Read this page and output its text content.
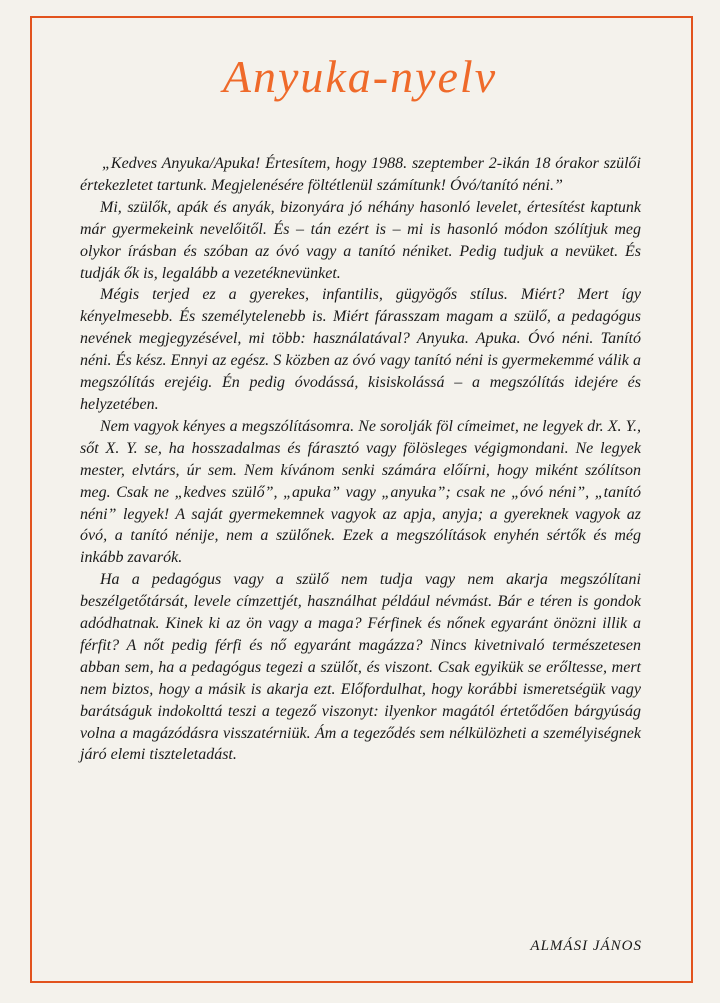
Anyuka-nyelv

„Kedves Anyuka/Apuka! Értesítem, hogy 1988. szeptember 2-ikán 18 órakor szülői értekezletet tartunk. Megjelenésére föltétlenül számítunk! Óvó/tanító néni.”

Mi, szülők, apák és anyák, bizonyára jó néhány hasonló levelet, értesítést kaptunk már gyermekeink nevelőitől. És – tán ezért is – mi is hasonló módon szólítjuk meg olykor írásban és szóban az óvó vagy a tanító néniket. Pedig tudjuk a nevüket. És tudják ők is, legalább a vezetéknevünket.

Mégis terjed ez a gyerekes, infantilis, gügyögős stílus. Miért? Mert így kényelmesebb. És személytelenebb is. Miért fárasszam magam a szülő, a pedagógus nevének megjegyzésével, mi több: használatával? Anyuka. Apuka. Óvó néni. Tanító néni. És kész. Ennyi az egész. S közben az óvó vagy tanító néni is gyermekemmé válik a megszólítás erejéig. Én pedig óvodássá, kisiskolássá – a megszólítás idejére és helyzetében.

Nem vagyok kényes a megszólításomra. Ne sorolják föl címeimet, ne legyek dr. X. Y., sőt X. Y. se, ha hosszadalmas és fárasztó vagy fölösleges végigmondani. Ne legyek mester, elvtárs, úr sem. Nem kívánom senki számára előírni, hogy miként szólítson meg. Csak ne „kedves szülő”, „apuka” vagy „anyuka”; csak ne „óvó néni”, „tanító néni” legyek! A saját gyermekemnek vagyok az apja, anyja; a gyereknek vagyok az óvó, a tanító nénije, nem a szülőnek. Ezek a megszólítások enyhén sértők és még inkább zavarók.

Ha a pedagógus vagy a szülő nem tudja vagy nem akarja megszólítani beszélgetőtársát, levele címzettjét, használhat például névmást. Bár e téren is gondok adódhatnak. Kinek ki az ön vagy a maga? Férfinek és nőnek egyaránt önözni illik a férfit? A nőt pedig férfi és nő egyaránt magázza? Nincs kivetnivaló természetesen abban sem, ha a pedagógus tegezi a szülőt, és viszont. Csak egyikük se erőltesse, mert nem biztos, hogy a másik is akarja ezt. Előfordulhat, hogy korábbi ismeretségük vagy barátságuk indokolttá teszi a tegező viszonyt: ilyenkor magától értetődően bárgyúság volna a magázódásra visszatérniük. Ám a tegeződés sem nélkülözheti a személyiségnek járó elemi tiszteletadást.

ALMÁSI JÁNOS
